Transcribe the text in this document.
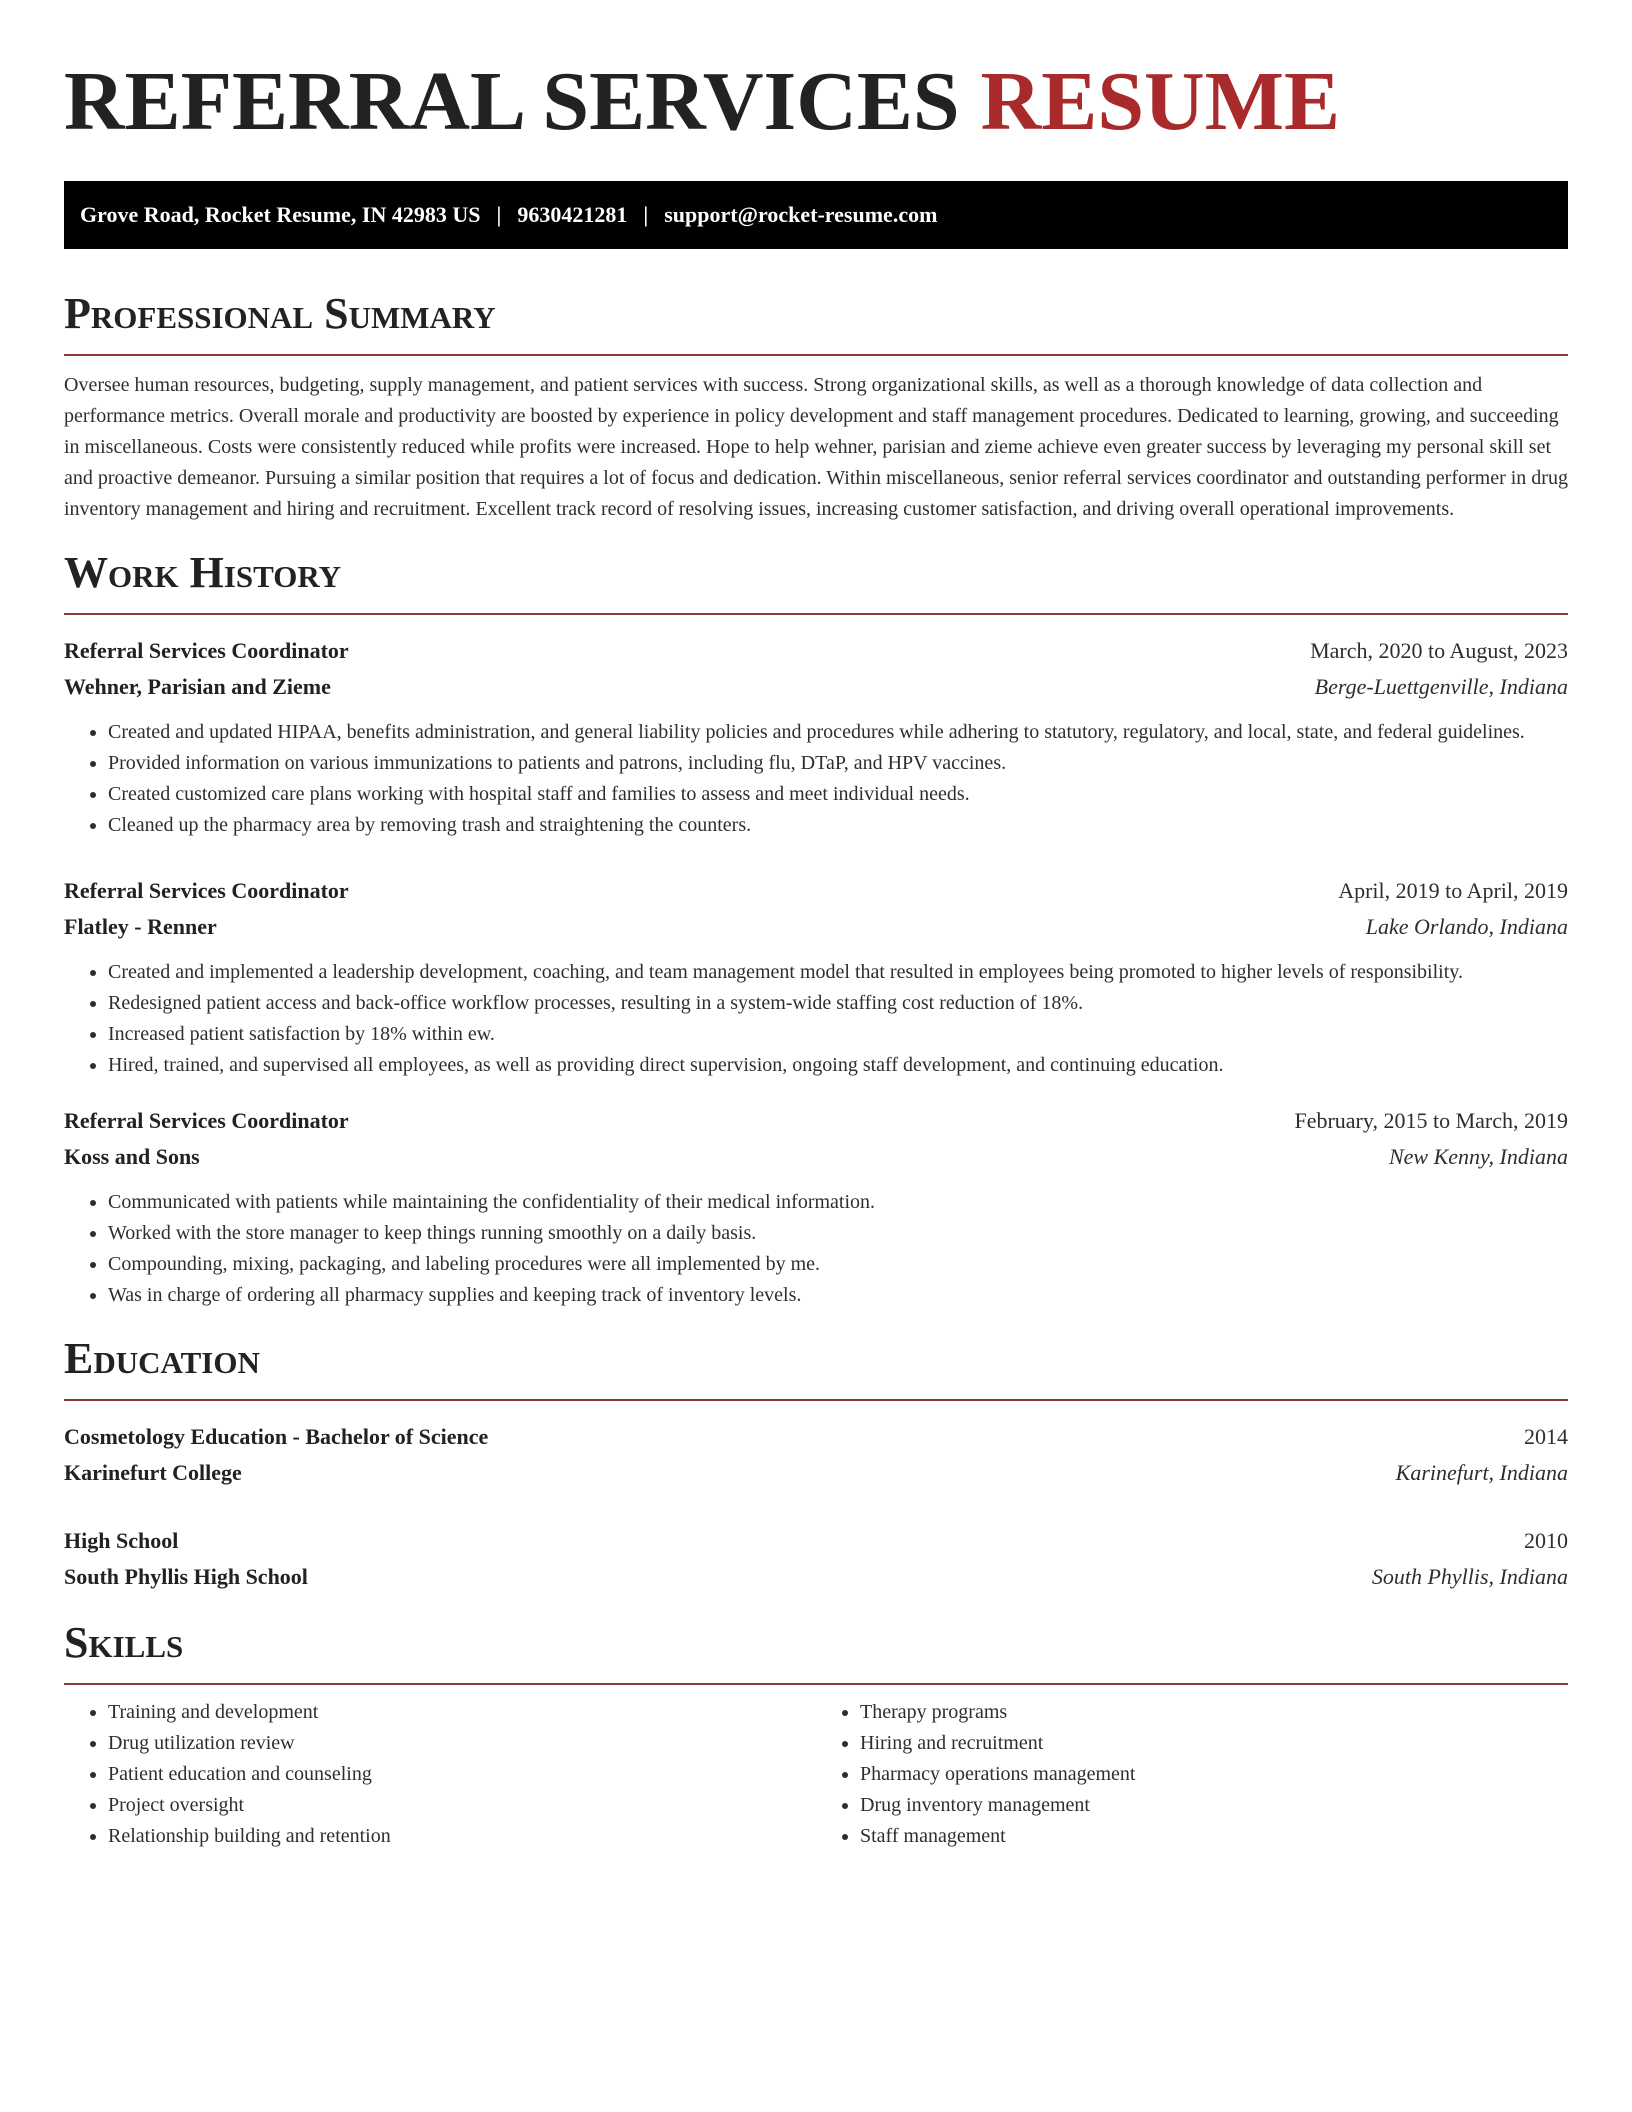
REFERRAL SERVICES RESUME
Grove Road, Rocket Resume, IN 42983 US | 9630421281 | support@rocket-resume.com
Professional Summary

Oversee human resources, budgeting, supply management, and patient services with success. Strong organizational skills, as well as a thorough knowledge of data collection and performance metrics. Overall morale and productivity are boosted by experience in policy development and staff management procedures. Dedicated to learning, growing, and succeeding in miscellaneous. Costs were consistently reduced while profits were increased. Hope to help wehner, parisian and zieme achieve even greater success by leveraging my personal skill set and proactive demeanor. Pursuing a similar position that requires a lot of focus and dedication. Within miscellaneous, senior referral services coordinator and outstanding performer in drug inventory management and hiring and recruitment. Excellent track record of resolving issues, increasing customer satisfaction, and driving overall operational improvements.

Work History
Referral Services Coordinator	March, 2020 to August, 2023
Wehner, Parisian and Zieme	Berge-Luettgenville, Indiana
• Created and updated HIPAA, benefits administration, and general liability policies and procedures while adhering to statutory, regulatory, and local, state, and federal guidelines.
• Provided information on various immunizations to patients and patrons, including flu, DTaP, and HPV vaccines.
• Created customized care plans working with hospital staff and families to assess and meet individual needs.
• Cleaned up the pharmacy area by removing trash and straightening the counters.
Referral Services Coordinator	April, 2019 to April, 2019
Flatley - Renner	Lake Orlando, Indiana
• Created and implemented a leadership development, coaching, and team management model that resulted in employees being promoted to higher levels of responsibility.
• Redesigned patient access and back-office workflow processes, resulting in a system-wide staffing cost reduction of 18%.
• Increased patient satisfaction by 18% within ew.
• Hired, trained, and supervised all employees, as well as providing direct supervision, ongoing staff development, and continuing education.
Referral Services Coordinator	February, 2015 to March, 2019
Koss and Sons	New Kenny, Indiana
• Communicated with patients while maintaining the confidentiality of their medical information.
• Worked with the store manager to keep things running smoothly on a daily basis.
• Compounding, mixing, packaging, and labeling procedures were all implemented by me.
• Was in charge of ordering all pharmacy supplies and keeping track of inventory levels.
Education
Cosmetology Education - Bachelor of Science	2014
Karinefurt College	Karinefurt, Indiana
High School	2010
South Phyllis High School	South Phyllis, Indiana
Skills
• Training and development
• Drug utilization review
• Patient education and counseling
• Project oversight
• Relationship building and retention
• Therapy programs
• Hiring and recruitment
• Pharmacy operations management
• Drug inventory management
• Staff management
